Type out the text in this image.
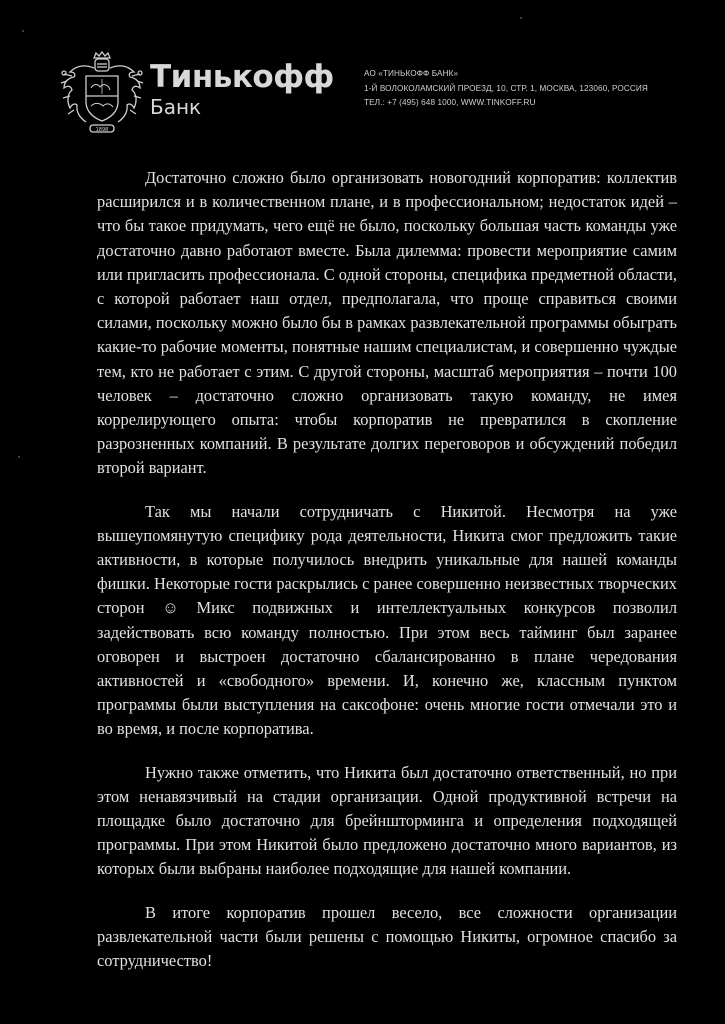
1898
Тинькофф
Банк
АО «ТИНЬКОФФ БАНК»
1-Й ВОЛОКОЛАМСКИЙ ПРОЕЗД, 10, СТР. 1, МОСКВА, 123060, РОССИЯ
ТЕЛ.: +7 (495) 648 1000, WWW.TINKOFF.RU

Достаточно сложно было организовать новогодний корпоратив: коллектив расширился и в количественном плане, и в профессиональном; недостаток идей – что бы такое придумать, чего ещё не было, поскольку большая часть команды уже достаточно давно работают вместе. Была дилемма: провести мероприятие самим или пригласить профессионала. С одной стороны, специфика предметной области, с которой работает наш отдел, предполагала, что проще справиться своими силами, поскольку можно было бы в рамках развлекательной программы обыграть какие-то рабочие моменты, понятные нашим специалистам, и совершенно чуждые тем, кто не работает с этим. С другой стороны, масштаб мероприятия – почти 100 человек – достаточно сложно организовать такую команду, не имея коррелирующего опыта: чтобы корпоратив не превратился в скопление разрозненных компаний. В результате долгих переговоров и обсуждений победил второй вариант.

Так мы начали сотрудничать с Никитой. Несмотря на уже вышеупомянутую специфику рода деятельности, Никита смог предложить такие активности, в которые получилось внедрить уникальные для нашей команды фишки. Некоторые гости раскрылись с ранее совершенно неизвестных творческих сторон ☺ Микс подвижных и интеллектуальных конкурсов позволил задействовать всю команду полностью. При этом весь тайминг был заранее оговорен и выстроен достаточно сбалансированно в плане чередования активностей и «свободного» времени. И, конечно же, классным пунктом программы были выступления на саксофоне: очень многие гости отмечали это и во время, и после корпоратива.

Нужно также отметить, что Никита был достаточно ответственный, но при этом ненавязчивый на стадии организации. Одной продуктивной встречи на площадке было достаточно для брейншторминга и определения подходящей программы. При этом Никитой было предложено достаточно много вариантов, из которых были выбраны наиболее подходящие для нашей компании.

В итоге корпоратив прошел весело, все сложности организации развлекательной части были решены с помощью Никиты, огромное спасибо за сотрудничество!
